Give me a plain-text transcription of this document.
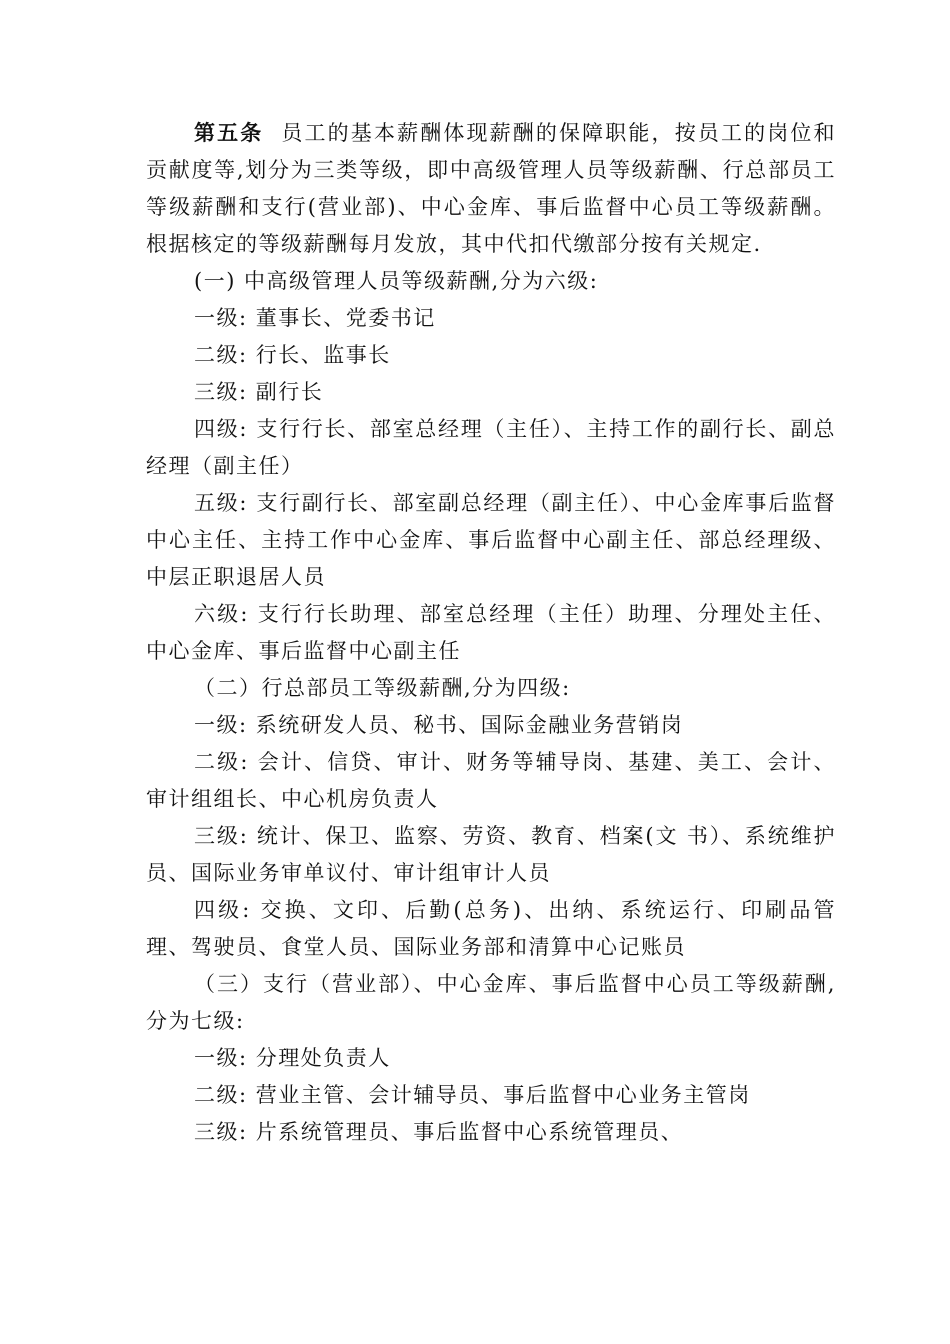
第五条 员工的基本薪酬体现薪酬的保障职能，按员工的岗位和贡献度等,划分为三类等级，即中高级管理人员等级薪酬、行总部员工等级薪酬和支行(营业部)、中心金库、事后监督中心员工等级薪酬。根据核定的等级薪酬每月发放，其中代扣代缴部分按有关规定.

(一) 中高级管理人员等级薪酬,分为六级:

一级: 董事长、党委书记

二级: 行长、监事长

三级: 副行长

四级: 支行行长、部室总经理（主任）、主持工作的副行长、副总经理（副主任）

五级: 支行副行长、部室副总经理（副主任）、中心金库事后监督中心主任、主持工作中心金库、事后监督中心副主任、部总经理级、中层正职退居人员

六级: 支行行长助理、部室总经理（主任）助理、分理处主任、中心金库、事后监督中心副主任

（二）行总部员工等级薪酬,分为四级:

一级: 系统研发人员、秘书、国际金融业务营销岗

二级: 会计、信贷、审计、财务等辅导岗、基建、美工、会计、审计组组长、中心机房负责人

三级: 统计、保卫、监察、劳资、教育、档案(文 书）、系统维护员、国际业务审单议付、审计组审计人员

四级: 交换、文印、后勤(总务)、出纳、系统运行、印刷品管理、驾驶员、食堂人员、国际业务部和清算中心记账员

（三）支行（营业部）、中心金库、事后监督中心员工等级薪酬,分为七级:

一级: 分理处负责人

二级: 营业主管、会计辅导员、事后监督中心业务主管岗

三级: 片系统管理员、事后监督中心系统管理员、
